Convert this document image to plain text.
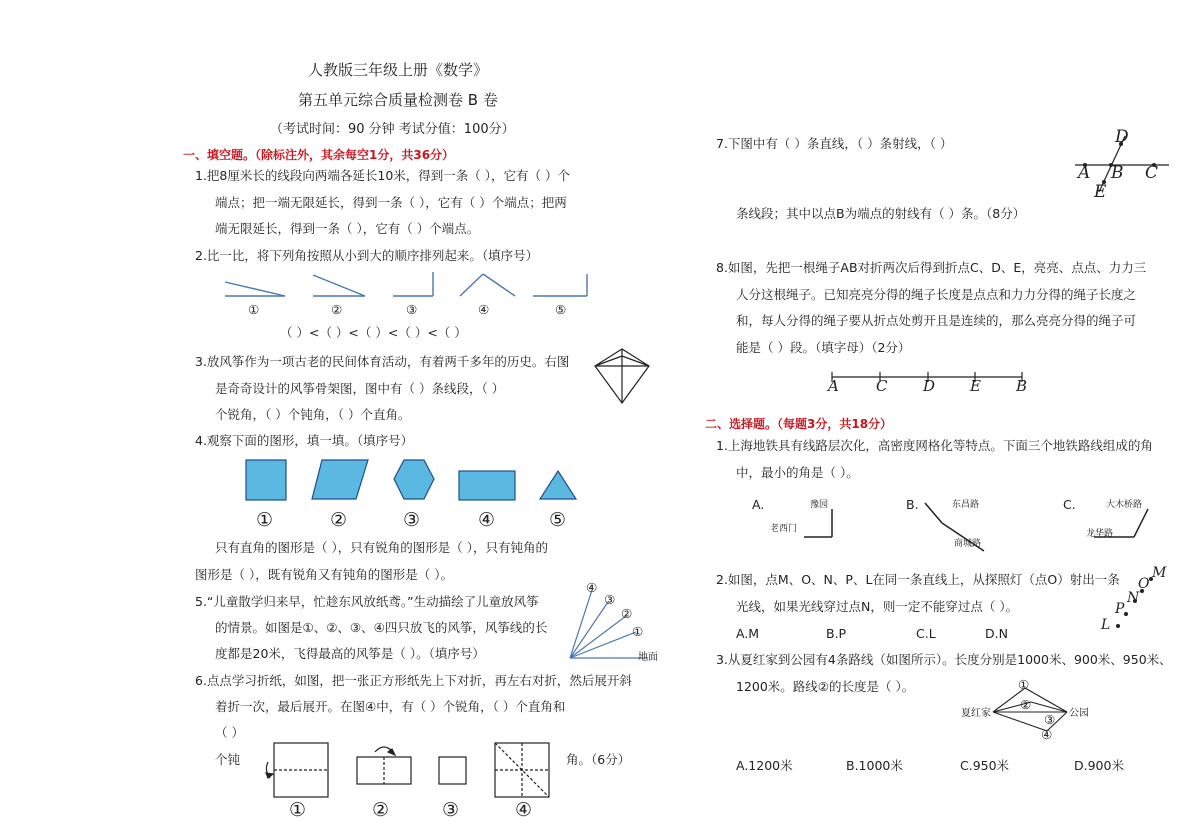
人教版三年级上册《数学》
第五单元综合质量检测卷 B 卷
（考试时间：90 分钟 考试分值：100分）
一、填空题。（除标注外，其余每空1分，共36分）
1.把8厘米长的线段向两端各延长10米，得到一条（ ），它有（ ）个
端点；把一端无限延长，得到一条（ ），它有（ ）个端点；把两
端无限延长，得到一条（ ），它有（ ）个端点。
2.比一比，将下列角按照从小到大的顺序排列起来。（填序号）
①	②	③	④	⑤
（ ）<（ ）<（ ）<（ ）<（ ）
3.放风筝作为一项古老的民间体育活动，有着两千多年的历史。右图
是奇奇设计的风筝骨架图，图中有（ ）条线段，（ ）
个锐角，（ ）个钝角，（ ）个直角。
4.观察下面的图形，填一填。（填序号）
①	②	③	④	⑤
只有直角的图形是（ ），只有锐角的图形是（ ），只有钝角的
图形是（ ），既有锐角又有钝角的图形是（ ）。
5.“儿童散学归来早，忙趁东风放纸鸢。”生动描绘了儿童放风筝
的情景。如图是①、②、③、④四只放飞的风筝，风筝线的长
度都是20米，飞得最高的风筝是（ ）。（填序号）
④
③
②
①
地面
6.点点学习折纸，如图，把一张正方形纸先上下对折，再左右对折，然后展开斜
着折一次，最后展开。在图④中，有（ ）个锐角，（ ）个直角和
（ ）
个钝	角。（6分）
①	②	③	④
7.下图中有（ ）条直线，（ ）条射线，（ ）
条线段；其中以点B为端点的射线有（ ）条。（8分）
D
A B C
E
8.如图，先把一根绳子AB对折两次后得到折点C、D、E，亮亮、点点、力力三
人分这根绳子。已知亮亮分得的绳子长度是点点和力力分得的绳子长度之
和，每人分得的绳子要从折点处剪开且是连续的，那么亮亮分得的绳子可
能是（ ）段。（填字母）（2分）
A C D E B
二、选择题。（每题3分，共18分）
1.上海地铁具有线路层次化，高密度网格化等特点。下面三个地铁路线组成的角
中，最小的角是（ ）。
A.	豫园
老西门
B.	东昌路
商城路
C.	大木桥路
龙华路
2.如图，点M、O、N、P、L在同一条直线上，从探照灯（点O）射出一条
光线，如果光线穿过点N，则一定不能穿过点（ ）。
A.M	B.P	C.L	D.N
M
O
N
P
L
3.从夏红家到公园有4条路线（如图所示）。长度分别是1000米、900米、950米、
1200米。路线②的长度是（ ）。
夏红家	公园
①
②
③
④
A.1200米	B.1000米	C.950米	D.900米
